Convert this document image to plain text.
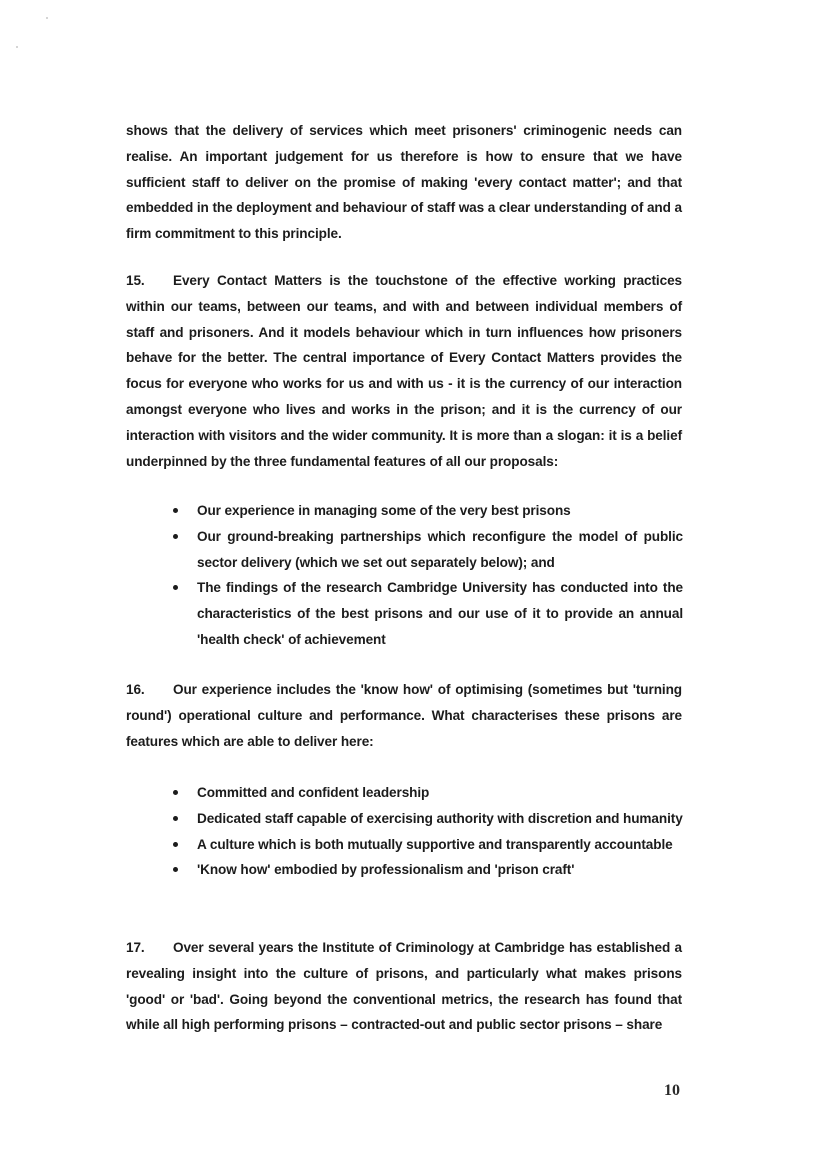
shows that the delivery of services which meet prisoners' criminogenic needs can realise. An important judgement for us therefore is how to ensure that we have sufficient staff to deliver on the promise of making 'every contact matter'; and that embedded in the deployment and behaviour of staff was a clear understanding of and a firm commitment to this principle.

15. Every Contact Matters is the touchstone of the effective working practices within our teams, between our teams, and with and between individual members of staff and prisoners. And it models behaviour which in turn influences how prisoners behave for the better. The central importance of Every Contact Matters provides the focus for everyone who works for us and with us - it is the currency of our interaction amongst everyone who lives and works in the prison; and it is the currency of our interaction with visitors and the wider community. It is more than a slogan: it is a belief underpinned by the three fundamental features of all our proposals:

Our experience in managing some of the very best prisons
Our ground-breaking partnerships which reconfigure the model of public sector delivery (which we set out separately below); and
The findings of the research Cambridge University has conducted into the characteristics of the best prisons and our use of it to provide an annual 'health check' of achievement

16. Our experience includes the 'know how' of optimising (sometimes but 'turning round') operational culture and performance. What characterises these prisons are features which are able to deliver here:

Committed and confident leadership
Dedicated staff capable of exercising authority with discretion and humanity
A culture which is both mutually supportive and transparently accountable
'Know how' embodied by professionalism and 'prison craft'

17. Over several years the Institute of Criminology at Cambridge has established a revealing insight into the culture of prisons, and particularly what makes prisons 'good' or 'bad'. Going beyond the conventional metrics, the research has found that while all high performing prisons – contracted-out and public sector prisons – share

10
